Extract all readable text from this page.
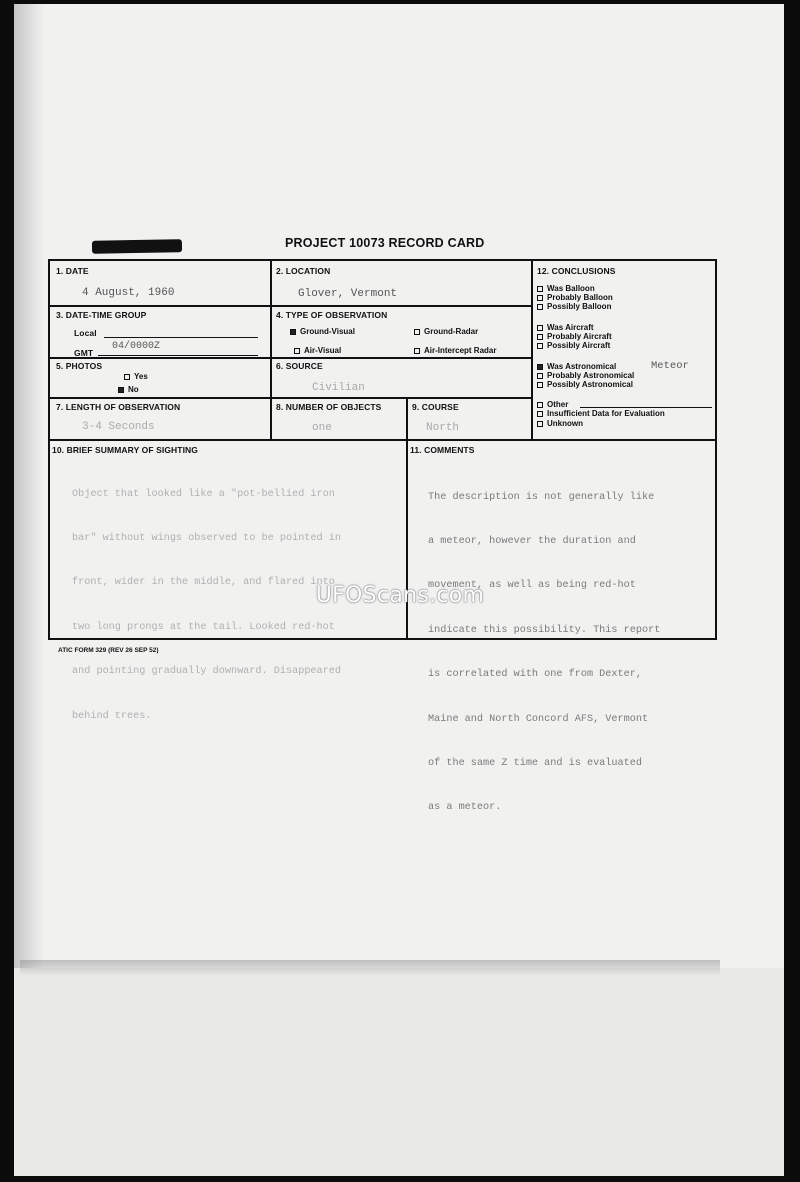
PROJECT 10073 RECORD CARD
1. DATE
4 August, 1960
2. LOCATION
Glover, Vermont
3. DATE-TIME GROUP
Local
GMT
04/0000Z
4. TYPE OF OBSERVATION
Ground-Visual	Ground-Radar
Air-Visual	Air-Intercept Radar
5. PHOTOS
Yes
No
6. SOURCE
Civilian
7. LENGTH OF OBSERVATION
3-4 Seconds
8. NUMBER OF OBJECTS
one
9. COURSE
North
12. CONCLUSIONS
Was Balloon
Probably Balloon
Possibly Balloon
Was Aircraft
Probably Aircraft
Possibly Aircraft
Was Astronomical	Meteor
Probably Astronomical
Possibly Astronomical
Other
Insufficient Data for Evaluation
Unknown
10. BRIEF SUMMARY OF SIGHTING

Object that looked like a "pot-bellied iron

bar" without wings observed to be pointed in

front, wider in the middle, and flared into

two long prongs at the tail. Looked red-hot

and pointing gradually downward. Disappeared

behind trees.

11. COMMENTS

The description is not generally like

a meteor, however the duration and

movement, as well as being red-hot

indicate this possibility. This report

is correlated with one from Dexter,

Maine and North Concord AFS, Vermont

of the same Z time and is evaluated

as a meteor.

UFOScans.com
ATIC FORM 329 (REV 26 SEP 52)
